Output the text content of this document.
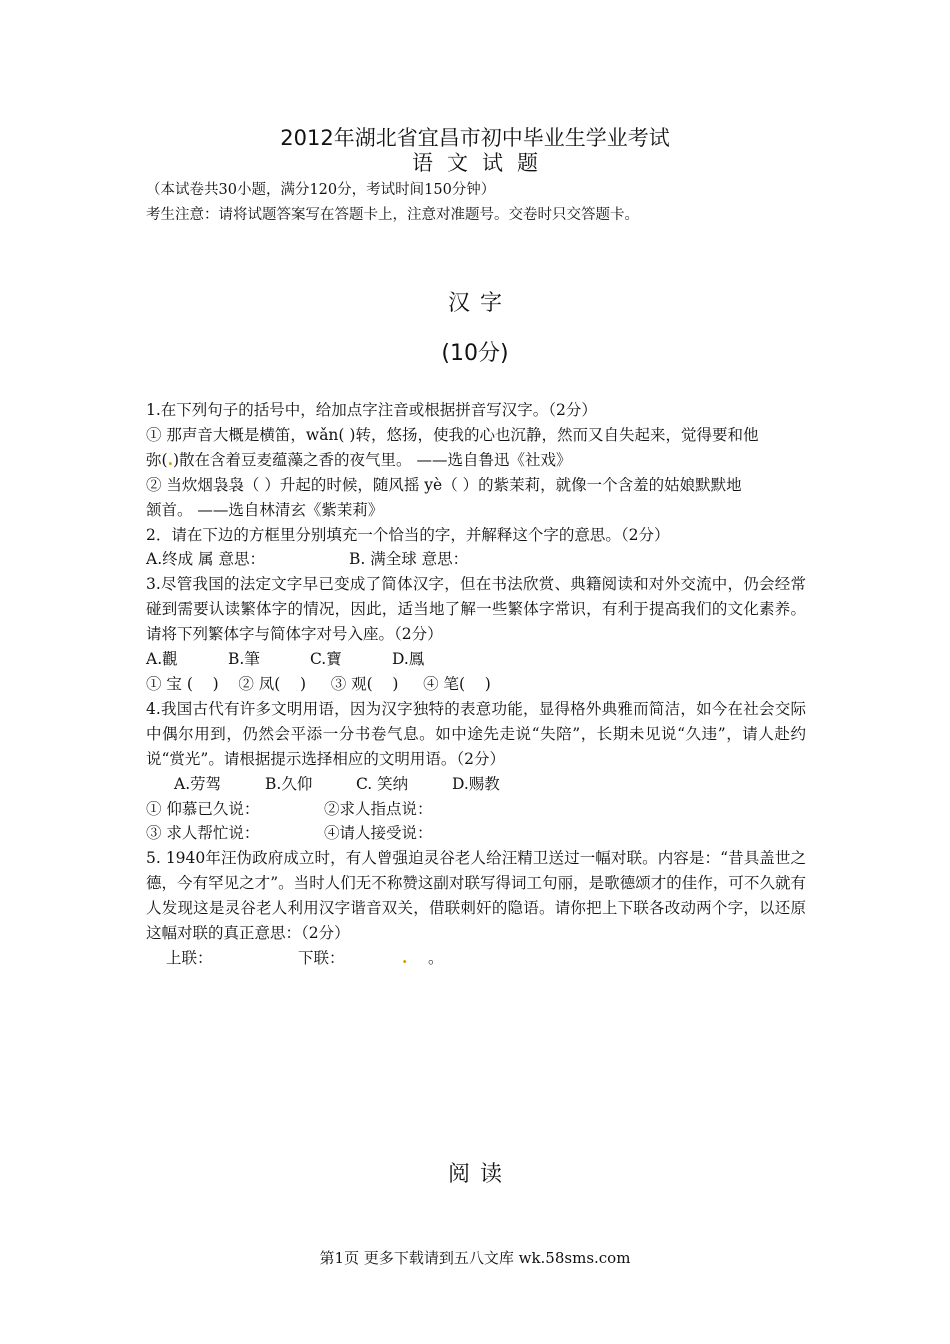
2012年湖北省宜昌市初中毕业生学业考试
语文试题
（本试卷共30小题，满分120分，考试时间150分钟）
考生注意：请将试题答案写在答题卡上，注意对准题号。交卷时只交答题卡。
汉字
(10分)

1.在下列句子的括号中，给加点字注音或根据拼音写汉字。（2分）

① 那声音大概是横笛，wǎn( )转，悠扬，使我的心也沉静，然而又自失起来，觉得要和他

弥(.)散在含着豆麦蕴藻之香的夜气里。 ——选自鲁迅《社戏》

② 当炊烟袅袅（ ）升起的时候，随风摇 yè（ ）的紫茉莉，就像一个含羞的姑娘默默地

颔首。 ——选自林清玄《紫茉莉》

2．请在下边的方框里分别填充一个恰当的字，并解释这个字的意思。（2分）

A.终成 属 意思：	B. 满全球 意思：

3.尽管我国的法定文字早已变成了简体汉字，但在书法欣赏、典籍阅读和对外交流中，仍会经常碰到需要认读繁体字的情况，因此，适当地了解一些繁体字常识，有利于提高我们的文化素养。请将下列繁体字与简体字对号入座。（2分）

A.觀	B.筆	C.寶	D.鳳

① 宝 (    )    ② 凤(    )     ③ 观(    )     ④ 笔(    )

4.我国古代有许多文明用语，因为汉字独特的表意功能，显得格外典雅而简洁，如今在社会交际中偶尔用到，仍然会平添一分书卷气息。如中途先走说“失陪”，长期未见说“久违”，请人赴约说“赏光”。请根据提示选择相应的文明用语。（2分）

A.劳驾	B.久仰	C. 笑纳	D.赐教

① 仰慕已久说：	②求人指点说：

③ 求人帮忙说：	④请人接受说：

5. 1940年汪伪政府成立时，有人曾强迫灵谷老人给汪精卫送过一幅对联。内容是：“昔具盖世之德，今有罕见之才”。当时人们无不称赞这副对联写得词工句丽，是歌德颂才的佳作，可不久就有人发现这是灵谷老人利用汉字谐音双关，借联刺奸的隐语。请你把上下联各改动两个字，以还原这幅对联的真正意思：（2分）

上联：	下联：	.	。

阅读
第1页 更多下载请到五八文库 wk.58sms.com
